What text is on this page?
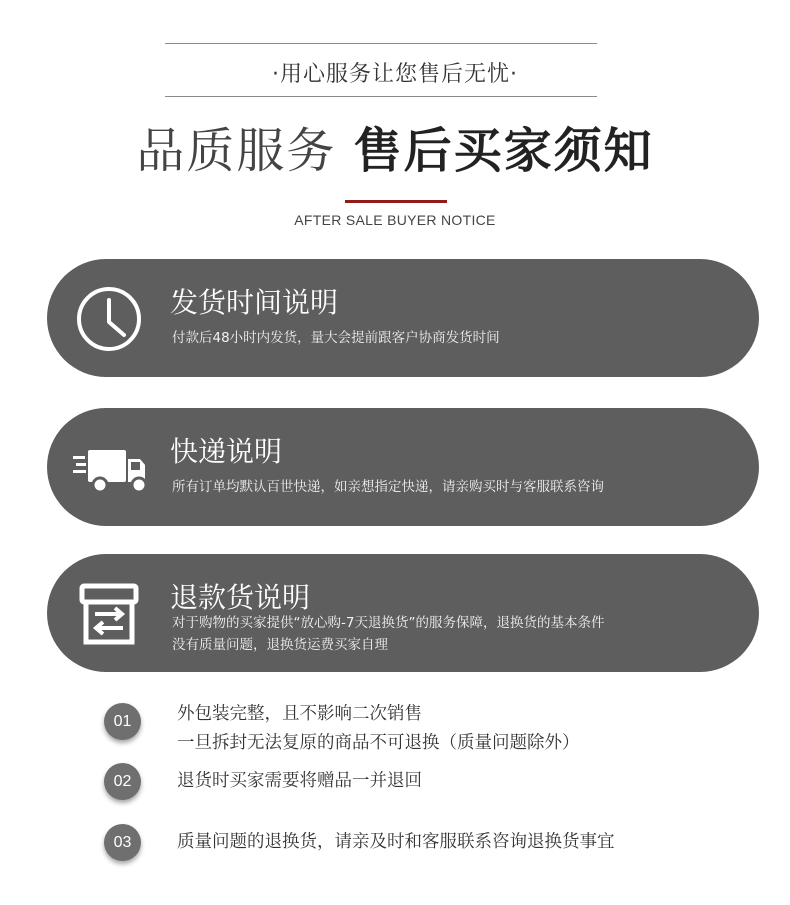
·用心服务让您售后无忧·
品质服务 售后买家须知
AFTER SALE BUYER NOTICE
发货时间说明
付款后48小时内发货，量大会提前跟客户协商发货时间
快递说明
所有订单均默认百世快递，如亲想指定快递，请亲购买时与客服联系咨询
退款货说明
对于购物的买家提供“放心购-7天退换货”的服务保障，退换货的基本条件
没有质量问题，退换货运费买家自理
01	外包装完整，且不影响二次销售
一旦拆封无法复原的商品不可退换（质量问题除外）
02	退货时买家需要将赠品一并退回
03	质量问题的退换货，请亲及时和客服联系咨询退换货事宜
